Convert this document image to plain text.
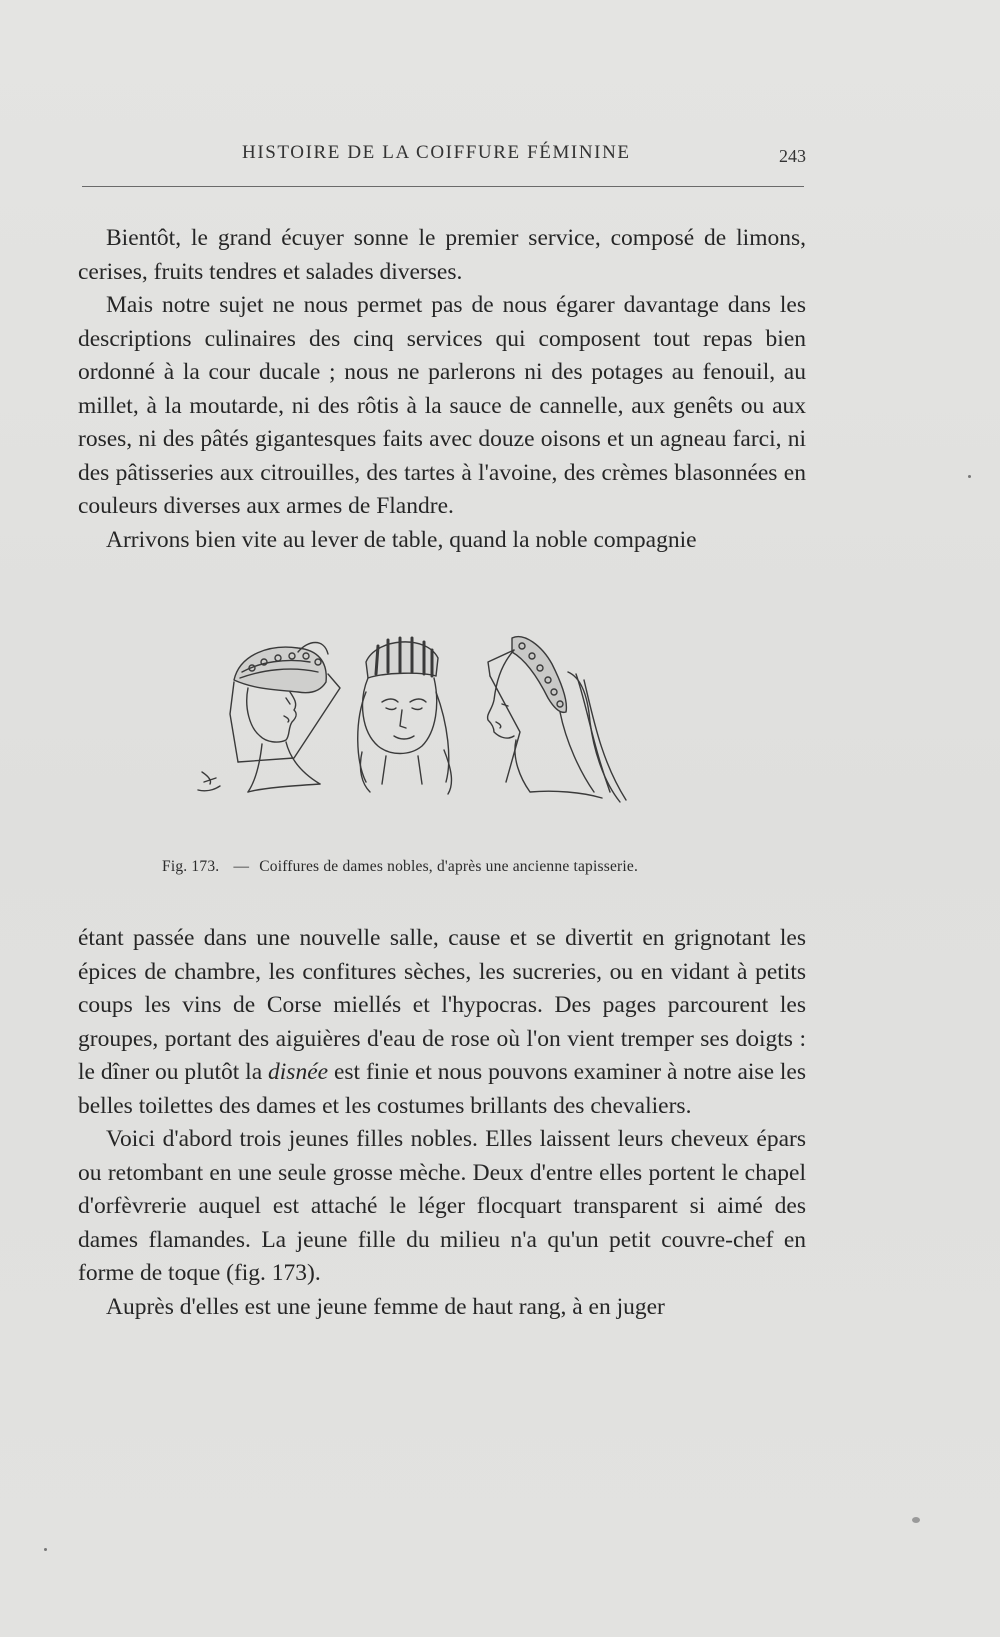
HISTOIRE DE LA COIFFURE FÉMININE	243

Bientôt, le grand écuyer sonne le premier service, composé de limons, cerises, fruits tendres et salades diverses.

Mais notre sujet ne nous permet pas de nous égarer davantage dans les descriptions culinaires des cinq services qui composent tout repas bien ordonné à la cour ducale ; nous ne parlerons ni des potages au fenouil, au millet, à la moutarde, ni des rôtis à la sauce de cannelle, aux genêts ou aux roses, ni des pâtés gigantesques faits avec douze oisons et un agneau farci, ni des pâtisseries aux citrouilles, des tartes à l'avoine, des crèmes blasonnées en couleurs diverses aux armes de Flandre.

Arrivons bien vite au lever de table, quand la noble compagnie

Fig. 173. — Coiffures de dames nobles, d'après une ancienne tapisserie.

étant passée dans une nouvelle salle, cause et se divertit en grignotant les épices de chambre, les confitures sèches, les sucreries, ou en vidant à petits coups les vins de Corse miellés et l'hypocras. Des pages parcourent les groupes, portant des aiguières d'eau de rose où l'on vient tremper ses doigts : le dîner ou plutôt la disnée est finie et nous pouvons examiner à notre aise les belles toilettes des dames et les costumes brillants des chevaliers.

Voici d'abord trois jeunes filles nobles. Elles laissent leurs cheveux épars ou retombant en une seule grosse mèche. Deux d'entre elles portent le chapel d'orfèvrerie auquel est attaché le léger flocquart transparent si aimé des dames flamandes. La jeune fille du milieu n'a qu'un petit couvre-chef en forme de toque (fig. 173).

Auprès d'elles est une jeune femme de haut rang, à en juger
